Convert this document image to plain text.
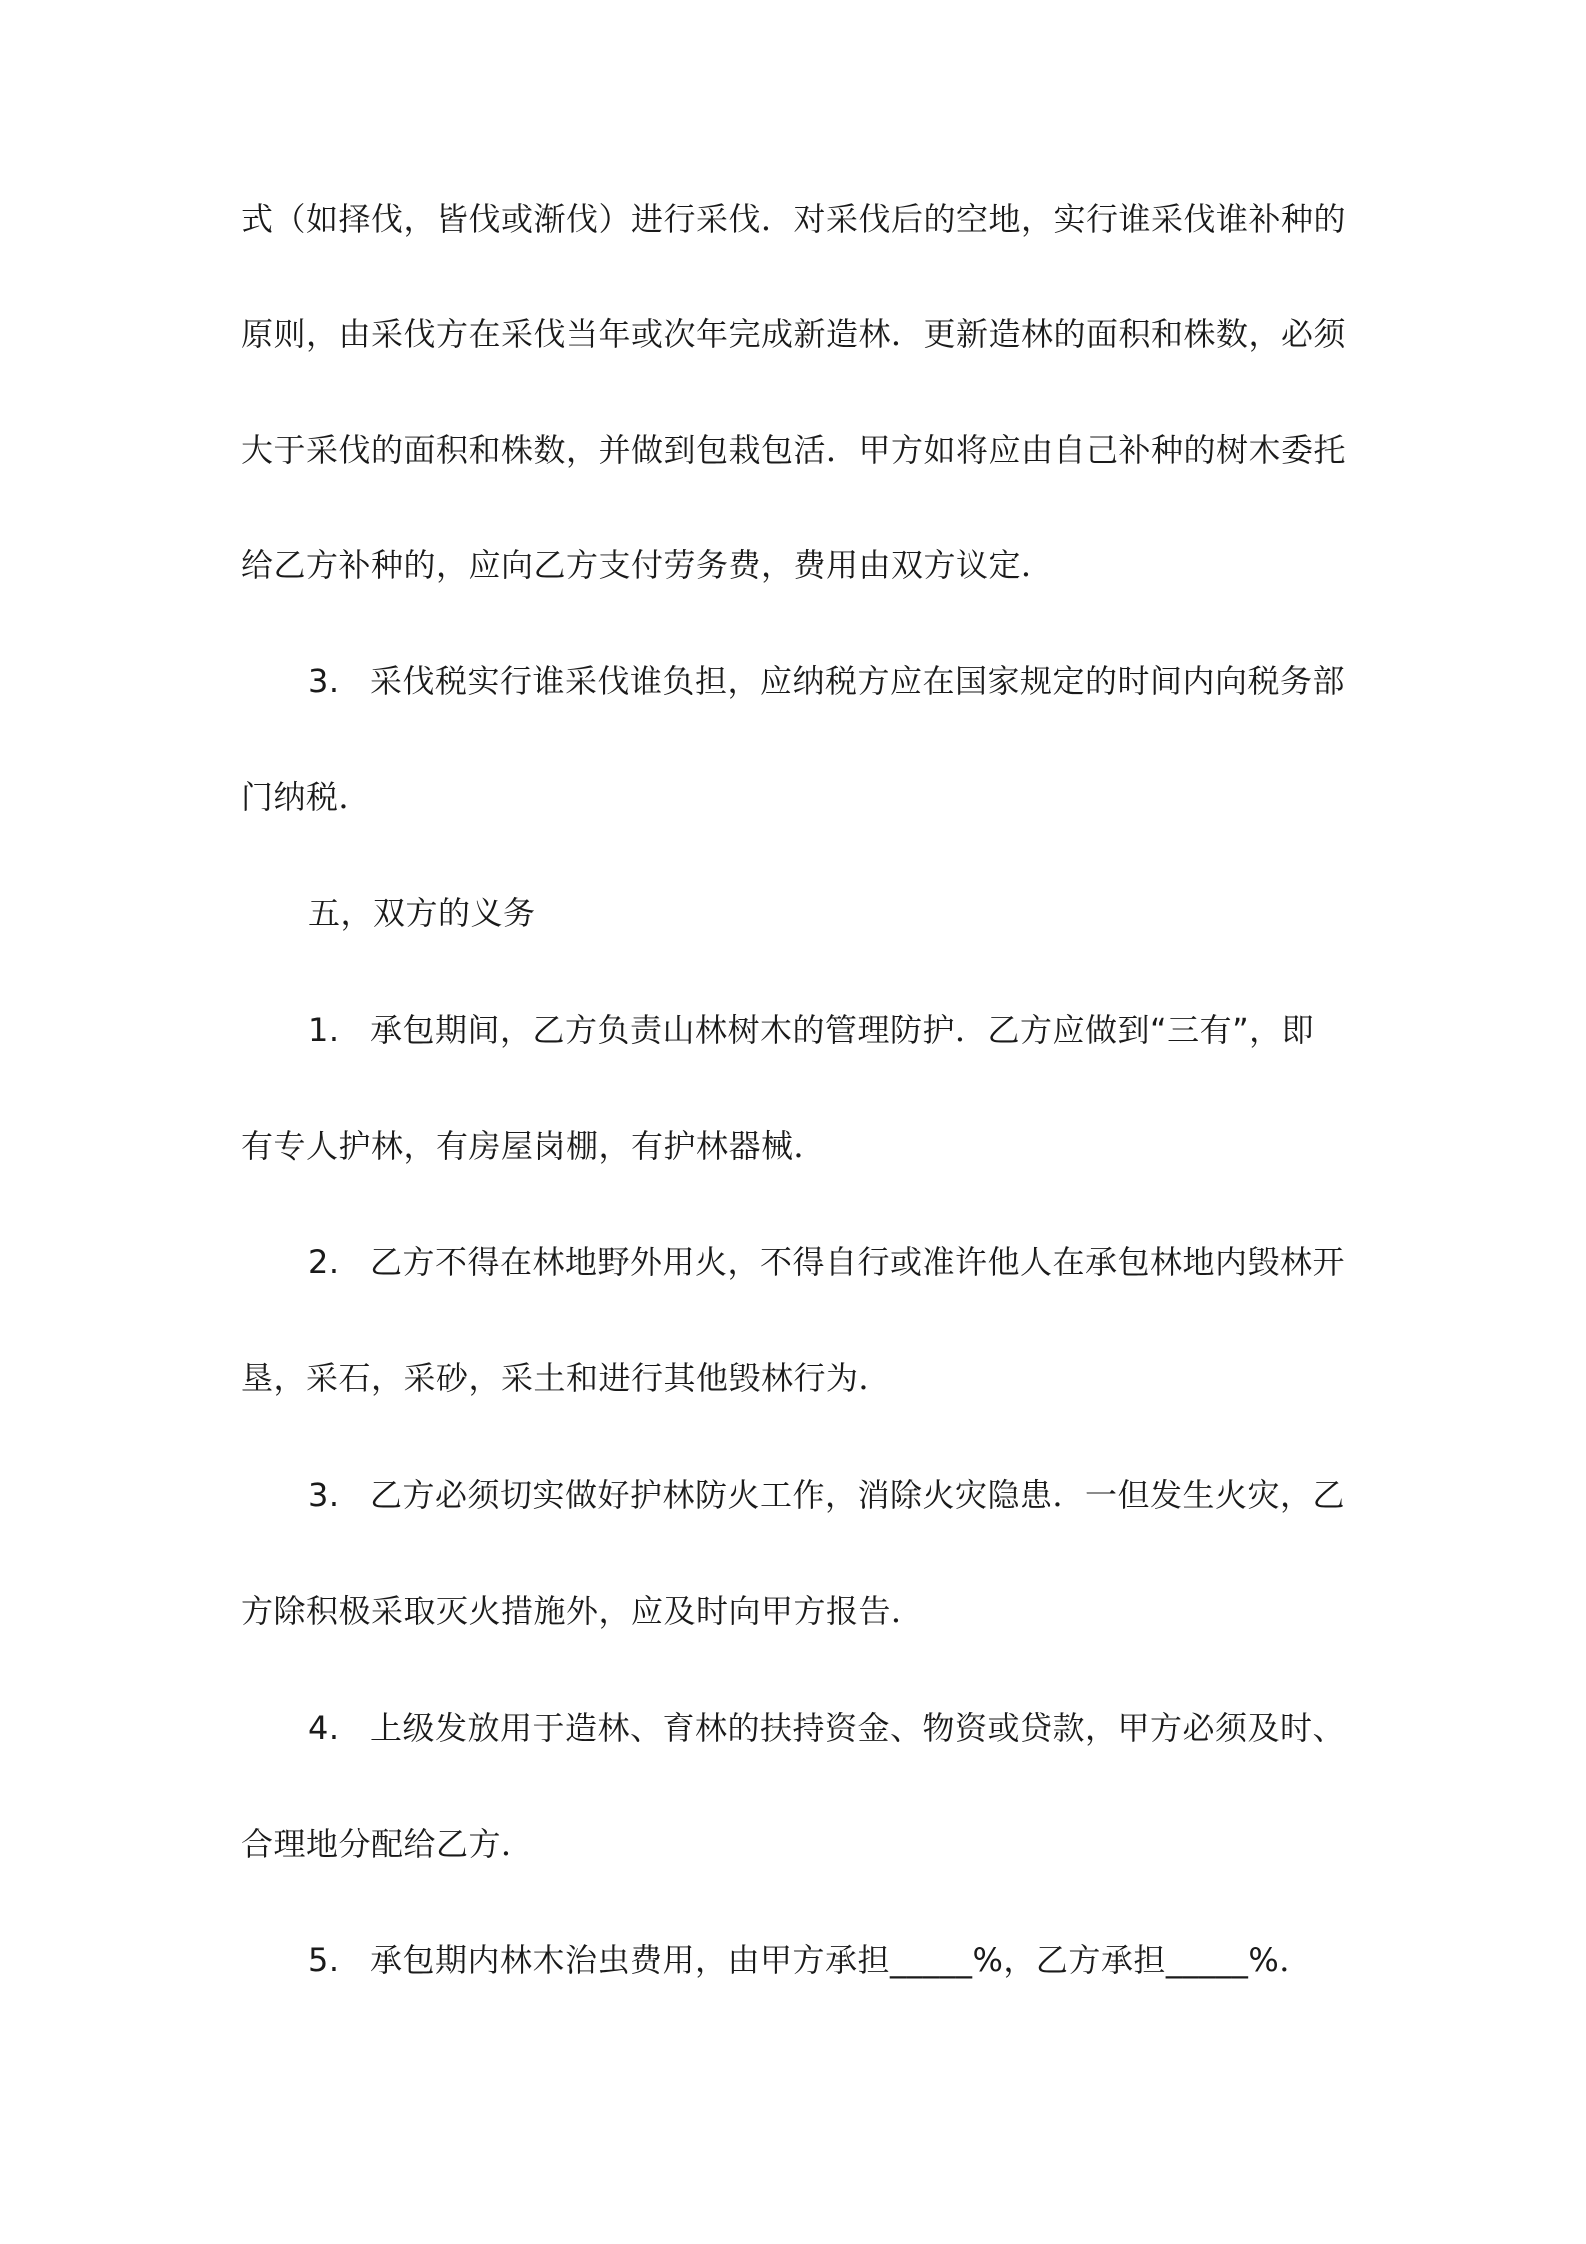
式（如择伐，皆伐或渐伐）进行采伐．对采伐后的空地，实行谁采伐谁补种的

原则，由采伐方在采伐当年或次年完成新造林．更新造林的面积和株数，必须

大于采伐的面积和株数，并做到包栽包活．甲方如将应由自己补种的树木委托

给乙方补种的，应向乙方支付劳务费，费用由双方议定．

3. 采伐税实行谁采伐谁负担，应纳税方应在国家规定的时间内向税务部

门纳税．

五，双方的义务

1. 承包期间，乙方负责山林树木的管理防护．乙方应做到“三有”，即

有专人护林，有房屋岗棚，有护林器械．

2. 乙方不得在林地野外用火，不得自行或准许他人在承包林地内毁林开

垦，采石，采砂，采土和进行其他毁林行为．

3. 乙方必须切实做好护林防火工作，消除火灾隐患．一但发生火灾，乙

方除积极采取灭火措施外，应及时向甲方报告．

4. 上级发放用于造林、育林的扶持资金、物资或贷款，甲方必须及时、

合理地分配给乙方．

5. 承包期内林木治虫费用，由甲方承担_____%，乙方承担_____%．
